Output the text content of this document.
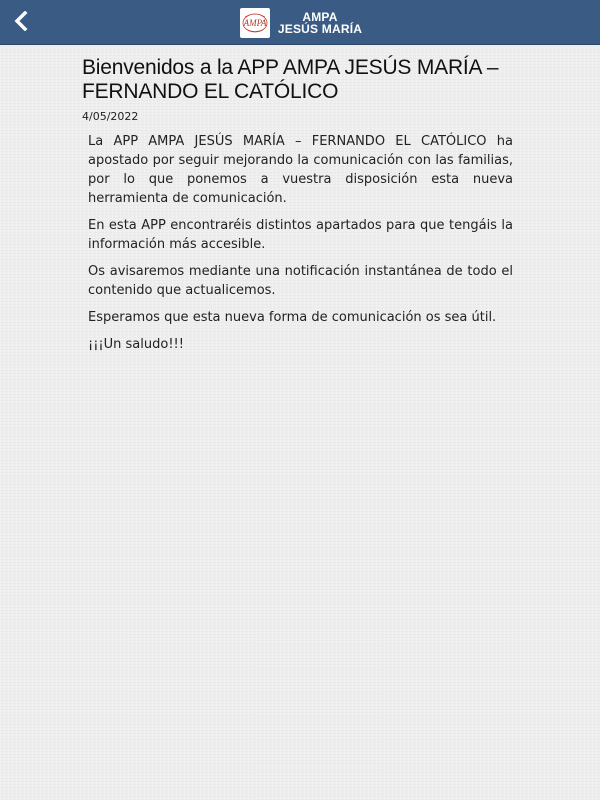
AMPA	AMPA
JESÚS MARÍA
Bienvenidos a la APP AMPA JESÚS MARÍA – FERNANDO EL CATÓLICO
4/05/2022

La APP AMPA JESÚS MARÍA – FERNANDO EL CATÓLICO ha apostado por seguir mejorando la comunicación con las familias, por lo que ponemos a vuestra disposición esta nueva herramienta de comunicación.

En esta APP encontraréis distintos apartados para que tengáis la información más accesible.

Os avisaremos mediante una notificación instantánea de todo el contenido que actualicemos.

Esperamos que esta nueva forma de comunicación os sea útil.

¡¡¡Un saludo!!!
